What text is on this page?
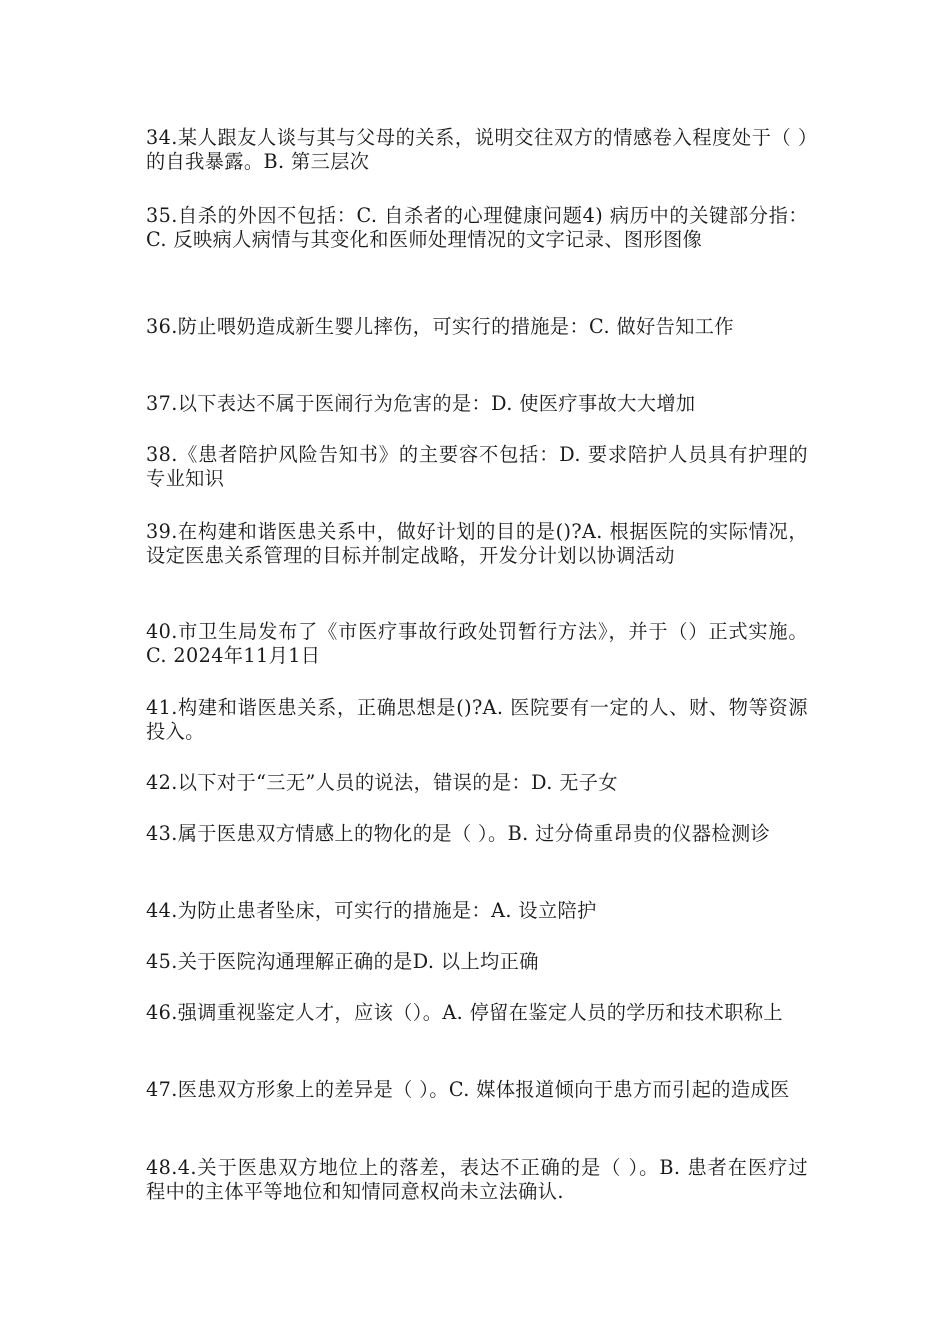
34.某人跟友人谈与其与父母的关系，说明交往双方的情感卷入程度处于（ ）的自我暴露。B. 第三层次

35.自杀的外因不包括：C. 自杀者的心理健康问题4) 病历中的关键部分指：C. 反映病人病情与其变化和医师处理情况的文字记录、图形图像

36.防止喂奶造成新生婴儿摔伤，可实行的措施是：C. 做好告知工作

37.以下表达不属于医闹行为危害的是：D. 使医疗事故大大增加

38.《患者陪护风险告知书》的主要容不包括：D. 要求陪护人员具有护理的专业知识

39.在构建和谐医患关系中，做好计划的目的是()?A. 根据医院的实际情况，设定医患关系管理的目标并制定战略，开发分计划以协调活动

40.市卫生局发布了《市医疗事故行政处罚暂行方法》，并于（）正式实施。C. 2024年11月1日

41.构建和谐医患关系，正确思想是()?A. 医院要有一定的人、财、物等资源投入。

42.以下对于“三无”人员的说法，错误的是：D. 无子女

43.属于医患双方情感上的物化的是（ ）。B. 过分倚重昂贵的仪器检测诊

44.为防止患者坠床，可实行的措施是：A. 设立陪护

45.关于医院沟通理解正确的是D. 以上均正确

46.强调重视鉴定人才，应该（）。A. 停留在鉴定人员的学历和技术职称上

47.医患双方形象上的差异是（ ）。C. 媒体报道倾向于患方而引起的造成医

48.4.关于医患双方地位上的落差，表达不正确的是（ ）。B. 患者在医疗过程中的主体平等地位和知情同意权尚未立法确认.
